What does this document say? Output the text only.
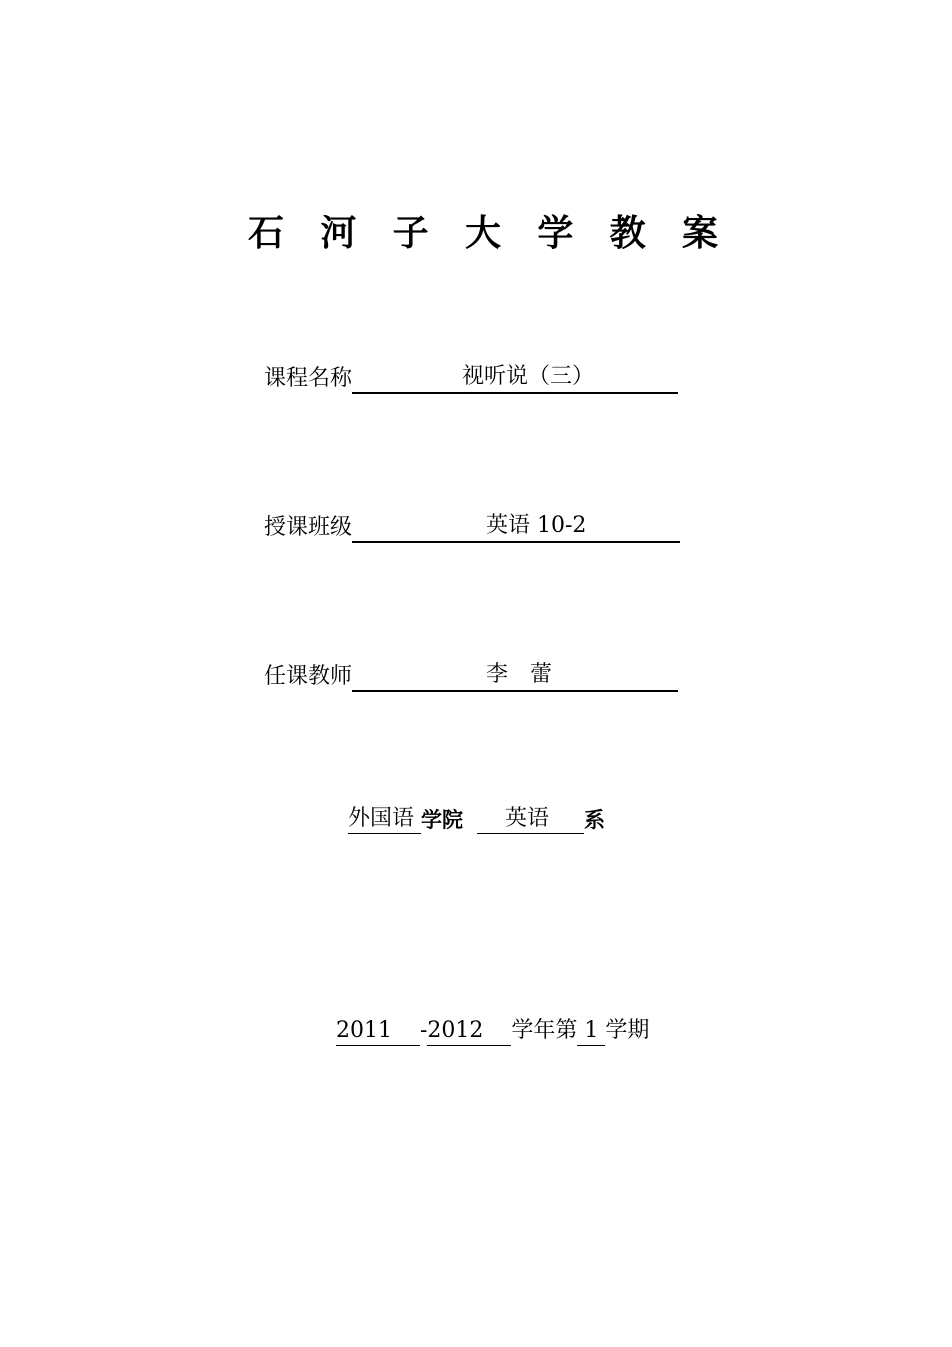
石 河 子 大 学 教 案
课程名称	视听说（三）
授课班级	英语 10-2
任课教师	李　蕾
外国语 学院	英语	系
2011	- 2012	学年第 1 学期
